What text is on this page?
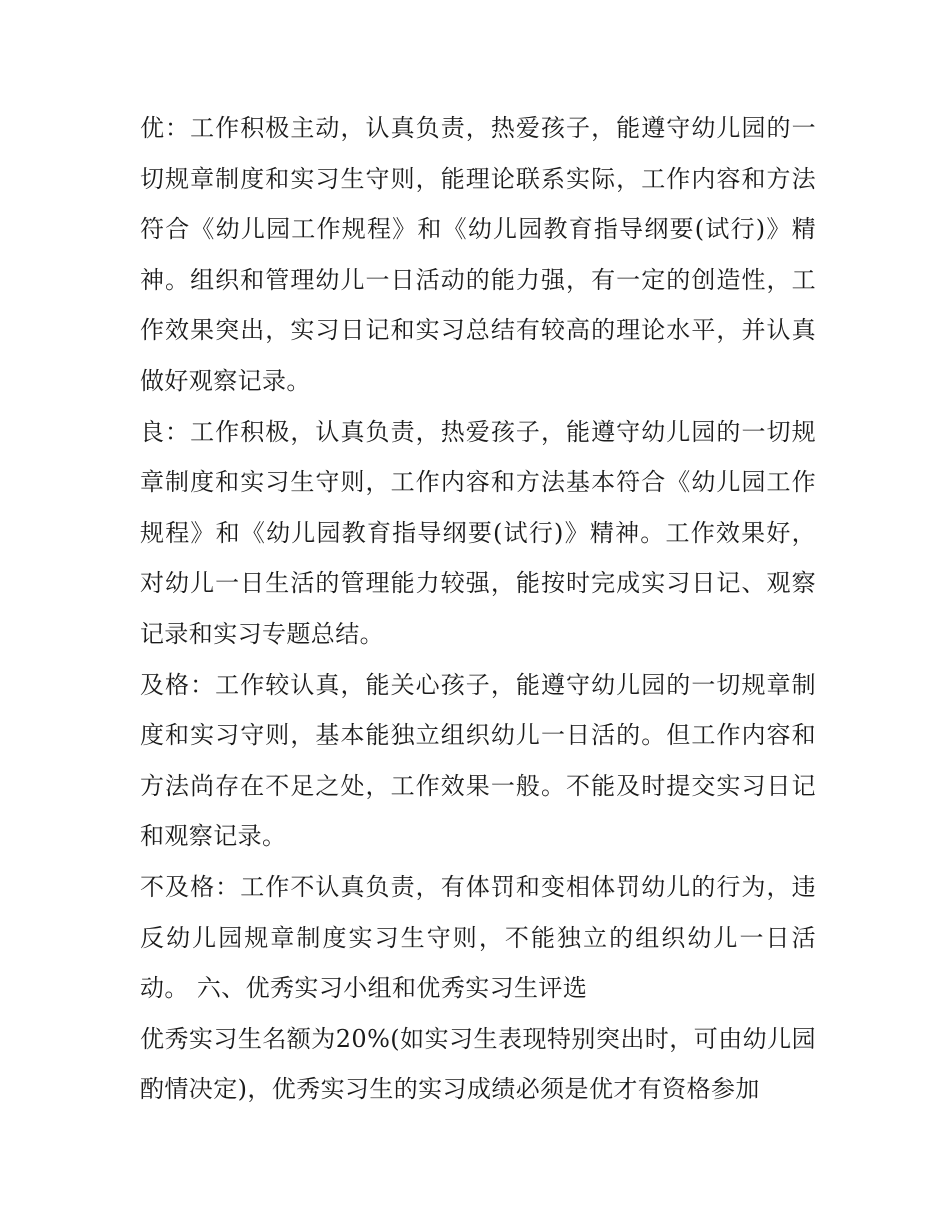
优：工作积极主动，认真负责，热爱孩子，能遵守幼儿园的一切规章制度和实习生守则，能理论联系实际，工作内容和方法符合《幼儿园工作规程》和《幼儿园教育指导纲要(试行)》精神。组织和管理幼儿一日活动的能力强，有一定的创造性，工作效果突出，实习日记和实习总结有较高的理论水平，并认真做好观察记录。

良：工作积极，认真负责，热爱孩子，能遵守幼儿园的一切规章制度和实习生守则，工作内容和方法基本符合《幼儿园工作规程》和《幼儿园教育指导纲要(试行)》精神。工作效果好，对幼儿一日生活的管理能力较强，能按时完成实习日记、观察记录和实习专题总结。

及格：工作较认真，能关心孩子，能遵守幼儿园的一切规章制度和实习守则，基本能独立组织幼儿一日活的。但工作内容和方法尚存在不足之处，工作效果一般。不能及时提交实习日记和观察记录。

不及格：工作不认真负责，有体罚和变相体罚幼儿的行为，违反幼儿园规章制度实习生守则，不能独立的组织幼儿一日活动。 六、优秀实习小组和优秀实习生评选

优秀实习生名额为20%(如实习生表现特别突出时，可由幼儿园酌情决定)，优秀实习生的实习成绩必须是优才有资格参加
